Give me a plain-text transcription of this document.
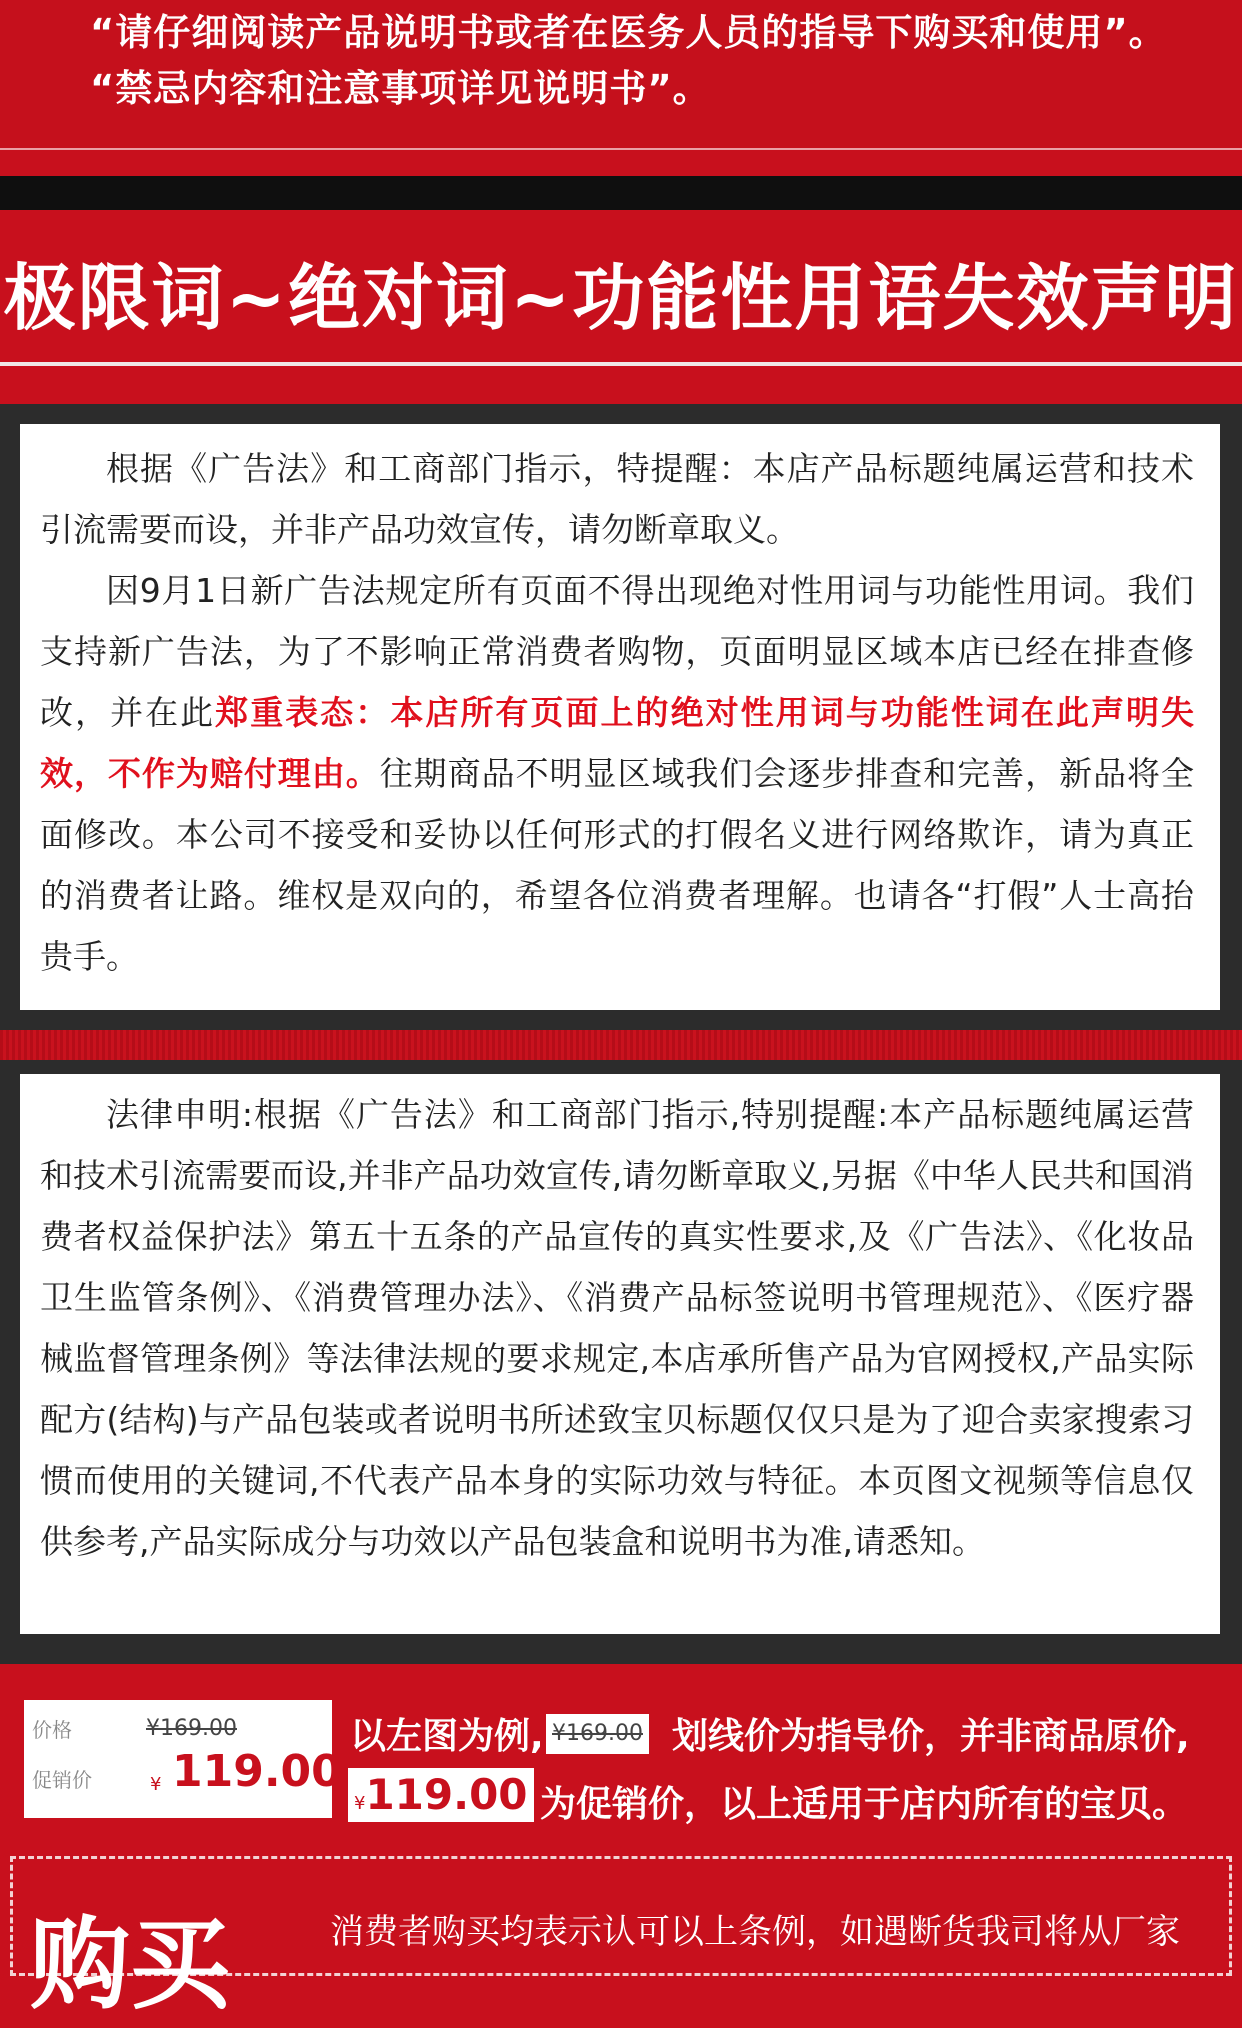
“请仔细阅读产品说明书或者在医务人员的指导下购买和使用”。
“禁忌内容和注意事项详见说明书”。
极限词~绝对词~功能性用语失效声明

根据《广告法》和工商部门指示，特提醒：本店产品标题纯属运营和技术引流需要而设，并非产品功效宣传，请勿断章取义。

因9月1日新广告法规定所有页面不得出现绝对性用词与功能性用词。我们支持新广告法，为了不影响正常消费者购物，页面明显区域本店已经在排查修改，并在此郑重表态：本店所有页面上的绝对性用词与功能性词在此声明失效，不作为赔付理由。往期商品不明显区域我们会逐步排查和完善，新品将全面修改。本公司不接受和妥协以任何形式的打假名义进行网络欺诈，请为真正的消费者让路。维权是双向的，希望各位消费者理解。也请各“打假”人士高抬贵手。

法律申明:根据《广告法》和工商部门指示,特别提醒:本产品标题纯属运营和技术引流需要而设,并非产品功效宣传,请勿断章取义,另据《中华人民共和国消费者权益保护法》第五十五条的产品宣传的真实性要求,及《广告法》、《化妆品卫生监管条例》、《消费管理办法》、《消费产品标签说明书管理规范》、《医疗器械监督管理条例》等法律法规的要求规定,本店承所售产品为官网授权,产品实际配方(结构)与产品包装或者说明书所述致宝贝标题仅仅只是为了迎合卖家搜索习惯而使用的关键词,不代表产品本身的实际功效与特征。本页图文视频等信息仅供参考,产品实际成分与功效以产品包装盒和说明书为准,请悉知。

价格	¥169.00
促销价	¥ 119.00
以左图为例, ¥169.00 划线价为指导价，并非商品原价,
¥119.00 为促销价，以上适用于店内所有的宝贝。
购买	消费者购买均表示认可以上条例，如遇断货我司将从厂家
